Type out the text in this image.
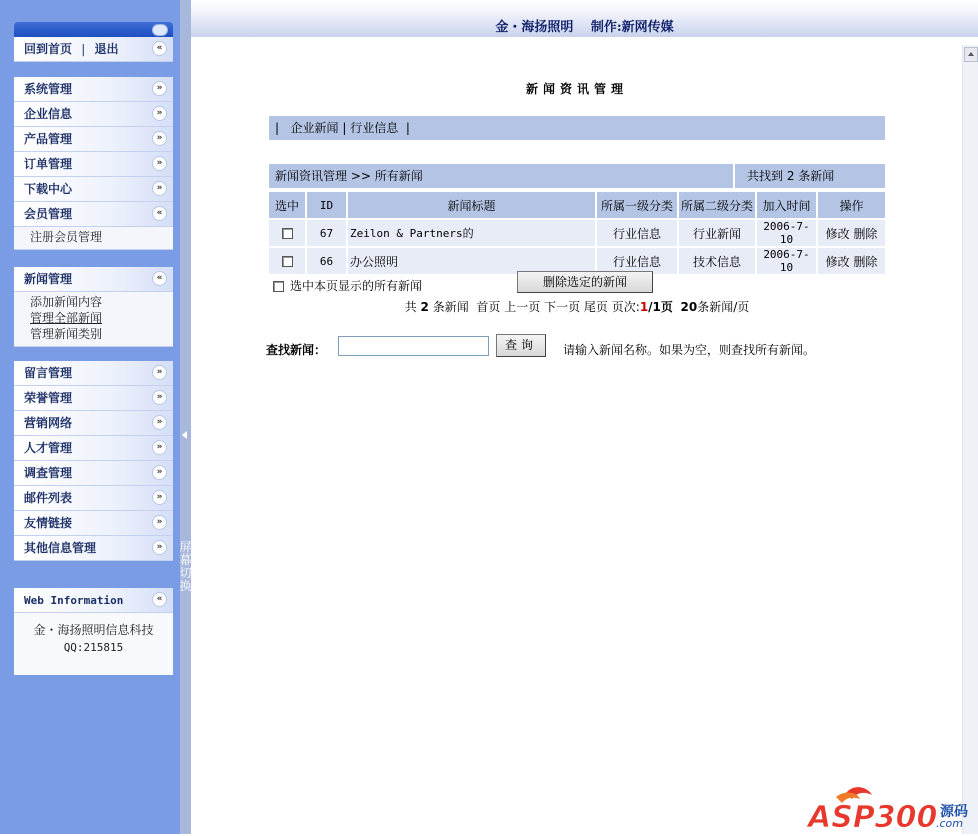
回到首页 | 退出	«
系统管理	»
企业信息	»
产品管理	»
订单管理	»
下载中心	»
会员管理	«
注册会员管理
新闻管理	«
添加新闻内容
管理全部新闻
管理新闻类别
留言管理	»
荣誉管理	»
营销网络	»
人才管理	»
调查管理	»
邮件列表	»
友情链接	»
其他信息管理	»
Web Information	«
金・海扬照明信息科技
QQ:215815
屏幕切换
金・海扬照明　 制作:新网传媒
新闻资讯管理
| 企业新闻 | 行业信息 |
新闻资讯管理 >> 所有新闻	共找到 2 条新闻
选中	ID	新闻标题	所属一级分类	所属二级分类	加入时间	操作
	67	Zeilon & Partners的	行业信息	行业新闻	2006-7-10	修改 删除
	66	办公照明	行业信息	技术信息	2006-7-10	修改 删除
选中本页显示的所有新闻	删除选定的新闻
共 2 条新闻 首页 上一页 下一页 尾页 页次:1/1页 20条新闻/页
查找新闻：	查询	请输入新闻名称。如果为空，则查找所有新闻。
ASP300 源码
.com
